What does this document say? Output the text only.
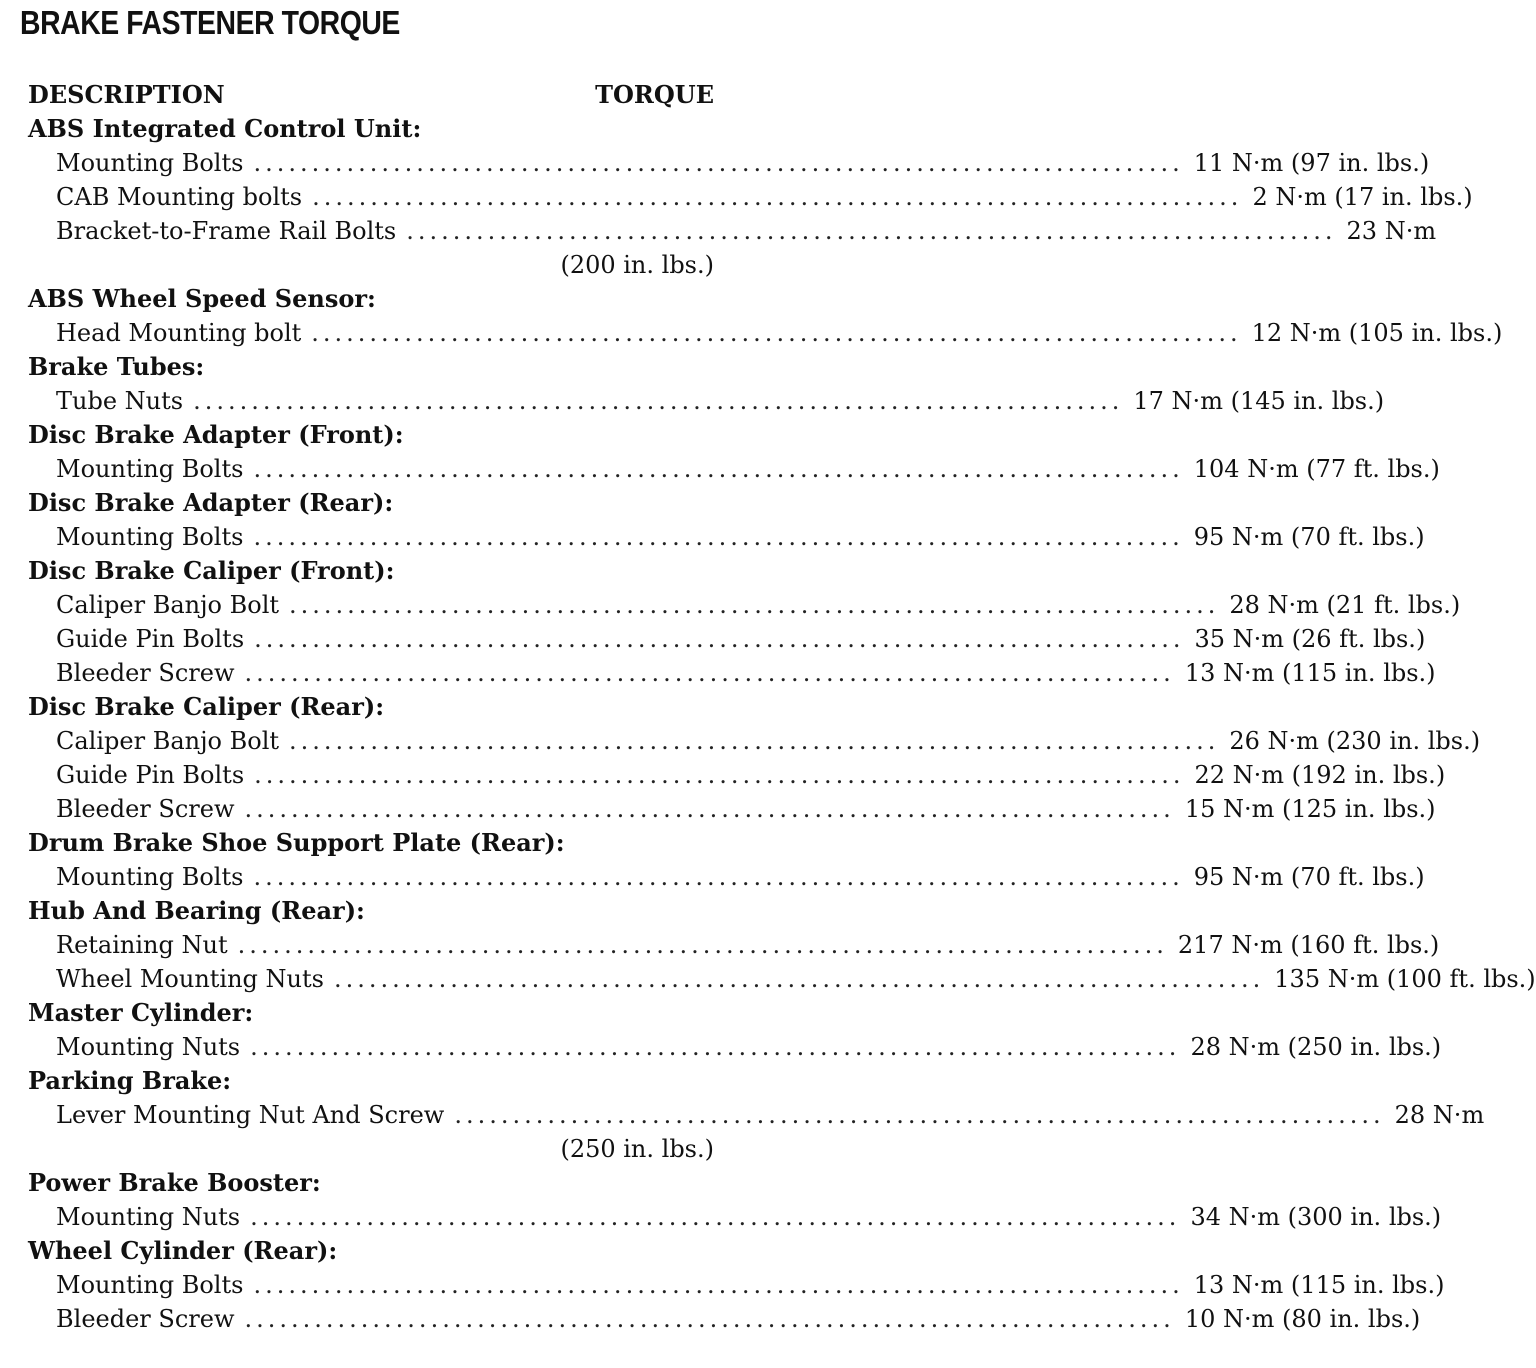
BRAKE FASTENER TORQUE
DESCRIPTION	TORQUE
ABS Integrated Control Unit:
Mounting Bolts ................................................................................ 11 N·m (97 in. lbs.)
CAB Mounting bolts ................................................................................ 2 N·m (17 in. lbs.)
Bracket-to-Frame Rail Bolts ................................................................................ 23 N·m
(200 in. lbs.)
ABS Wheel Speed Sensor:
Head Mounting bolt ................................................................................ 12 N·m (105 in. lbs.)
Brake Tubes:
Tube Nuts ................................................................................ 17 N·m (145 in. lbs.)
Disc Brake Adapter (Front):
Mounting Bolts ................................................................................ 104 N·m (77 ft. lbs.)
Disc Brake Adapter (Rear):
Mounting Bolts ................................................................................ 95 N·m (70 ft. lbs.)
Disc Brake Caliper (Front):
Caliper Banjo Bolt ................................................................................ 28 N·m (21 ft. lbs.)
Guide Pin Bolts ................................................................................ 35 N·m (26 ft. lbs.)
Bleeder Screw ................................................................................ 13 N·m (115 in. lbs.)
Disc Brake Caliper (Rear):
Caliper Banjo Bolt ................................................................................ 26 N·m (230 in. lbs.)
Guide Pin Bolts ................................................................................ 22 N·m (192 in. lbs.)
Bleeder Screw ................................................................................ 15 N·m (125 in. lbs.)
Drum Brake Shoe Support Plate (Rear):
Mounting Bolts ................................................................................ 95 N·m (70 ft. lbs.)
Hub And Bearing (Rear):
Retaining Nut ................................................................................ 217 N·m (160 ft. lbs.)
Wheel Mounting Nuts ................................................................................ 135 N·m (100 ft. lbs.)
Master Cylinder:
Mounting Nuts ................................................................................ 28 N·m (250 in. lbs.)
Parking Brake:
Lever Mounting Nut And Screw ................................................................................ 28 N·m
(250 in. lbs.)
Power Brake Booster:
Mounting Nuts ................................................................................ 34 N·m (300 in. lbs.)
Wheel Cylinder (Rear):
Mounting Bolts ................................................................................ 13 N·m (115 in. lbs.)
Bleeder Screw ................................................................................ 10 N·m (80 in. lbs.)
